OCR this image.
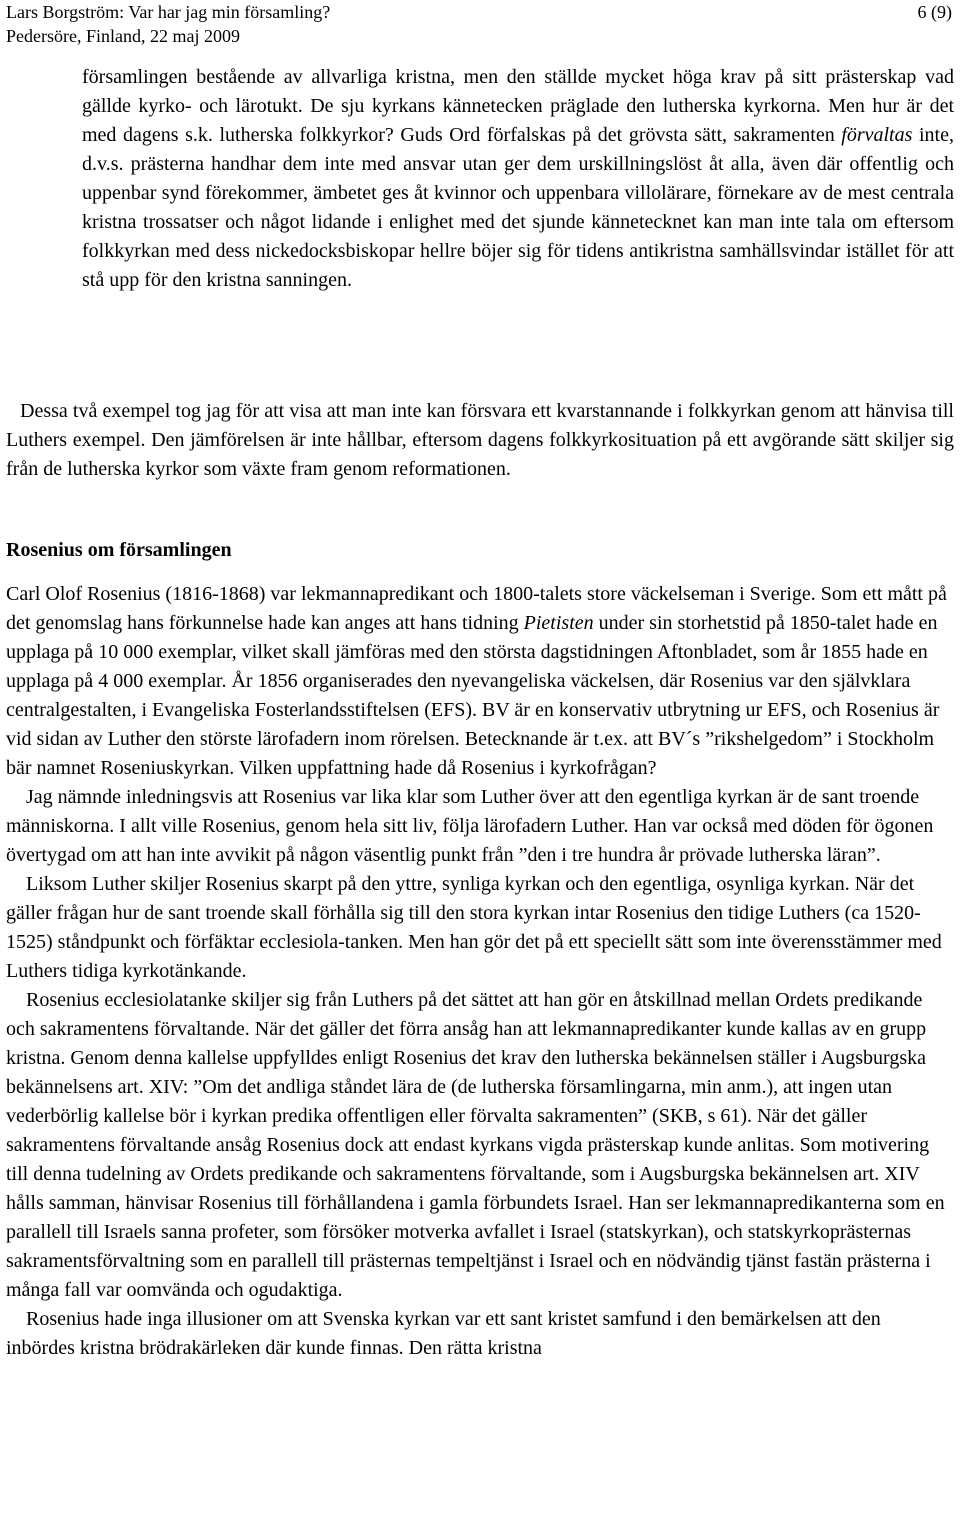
Lars Borgström: Var har jag min församling?	6 (9)
Pedersöre, Finland, 22 maj 2009

församlingen bestående av allvarliga kristna, men den ställde mycket höga krav på sitt prästerskap vad gällde kyrko- och lärotukt. De sju kyrkans kännetecken präglade den lutherska kyrkorna. Men hur är det med dagens s.k. lutherska folkkyrkor? Guds Ord förfalskas på det grövsta sätt, sakramenten förvaltas inte, d.v.s. prästerna handhar dem inte med ansvar utan ger dem urskillningslöst åt alla, även där offentlig och uppenbar synd förekommer, ämbetet ges åt kvinnor och uppenbara villolärare, förnekare av de mest centrala kristna trossatser och något lidande i enlighet med det sjunde kännetecknet kan man inte tala om eftersom folkkyrkan med dess nickedocksbiskopar hellre böjer sig för tidens antikristna samhällsvindar istället för att stå upp för den kristna sanningen.

Dessa två exempel tog jag för att visa att man inte kan försvara ett kvarstannande i folkkyrkan genom att hänvisa till Luthers exempel. Den jämförelsen är inte hållbar, eftersom dagens folkkyrkosituation på ett avgörande sätt skiljer sig från de lutherska kyrkor som växte fram genom reformationen.

Rosenius om församlingen

Carl Olof Rosenius (1816-1868) var lekmannapredikant och 1800-talets store väckelseman i Sverige. Som ett mått på det genomslag hans förkunnelse hade kan anges att hans tidning Pietisten under sin storhetstid på 1850-talet hade en upplaga på 10 000 exemplar, vilket skall jämföras med den största dagstidningen Aftonbladet, som år 1855 hade en upplaga på 4 000 exemplar. År 1856 organiserades den nyevangeliska väckelsen, där Rosenius var den självklara centralgestalten, i Evangeliska Fosterlandsstiftelsen (EFS). BV är en konservativ utbrytning ur EFS, och Rosenius är vid sidan av Luther den störste lärofadern inom rörelsen. Betecknande är t.ex. att BV´s ”rikshelgedom” i Stockholm bär namnet Roseniuskyrkan. Vilken uppfattning hade då Rosenius i kyrkofrågan?

Jag nämnde inledningsvis att Rosenius var lika klar som Luther över att den egentliga kyrkan är de sant troende människorna. I allt ville Rosenius, genom hela sitt liv, följa lärofadern Luther. Han var också med döden för ögonen övertygad om att han inte avvikit på någon väsentlig punkt från ”den i tre hundra år prövade lutherska läran”.

Liksom Luther skiljer Rosenius skarpt på den yttre, synliga kyrkan och den egentliga, osynliga kyrkan. När det gäller frågan hur de sant troende skall förhålla sig till den stora kyrkan intar Rosenius den tidige Luthers (ca 1520-1525) ståndpunkt och förfäktar ecclesiola-tanken. Men han gör det på ett speciellt sätt som inte överensstämmer med Luthers tidiga kyrkotänkande.

Rosenius ecclesiolatanke skiljer sig från Luthers på det sättet att han gör en åtskillnad mellan Ordets predikande och sakramentens förvaltande. När det gäller det förra ansåg han att lekmannapredikanter kunde kallas av en grupp kristna. Genom denna kallelse uppfylldes enligt Rosenius det krav den lutherska bekännelsen ställer i Augsburgska bekännelsens art. XIV: ”Om det andliga ståndet lära de (de lutherska församlingarna, min anm.), att ingen utan vederbörlig kallelse bör i kyrkan predika offentligen eller förvalta sakramenten” (SKB, s 61). När det gäller sakramentens förvaltande ansåg Rosenius dock att endast kyrkans vigda prästerskap kunde anlitas. Som motivering till denna tudelning av Ordets predikande och sakramentens förvaltande, som i Augsburgska bekännelsen art. XIV hålls samman, hänvisar Rosenius till förhållandena i gamla förbundets Israel. Han ser lekmannapredikanterna som en parallell till Israels sanna profeter, som försöker motverka avfallet i Israel (statskyrkan), och statskyrkoprästernas sakramentsförvaltning som en parallell till prästernas tempeltjänst i Israel och en nödvändig tjänst fastän prästerna i många fall var oomvända och ogudaktiga.

Rosenius hade inga illusioner om att Svenska kyrkan var ett sant kristet samfund i den bemärkelsen att den inbördes kristna brödrakärleken där kunde finnas. Den rätta kristna
